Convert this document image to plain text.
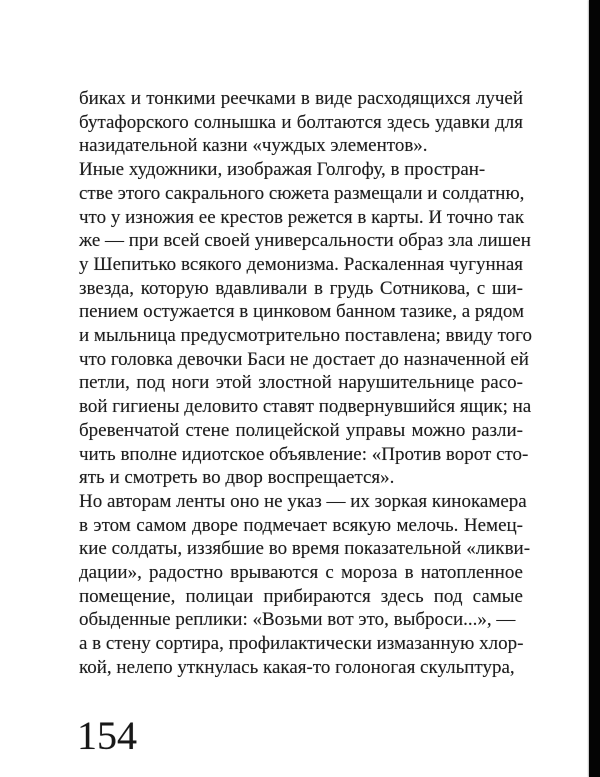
биках и тонкими реечками в виде расходящихся лучей
бутафорского солнышка и болтаются здесь удавки для
назидательной казни «чуждых элементов».
Иные художники, изображая Голгофу, в простран-
стве этого сакрального сюжета размещали и солдатню,
что у изножия ее крестов режется в карты. И точно так
же — при всей своей универсальности образ зла лишен
у Шепитько всякого демонизма. Раскаленная чугунная
звезда, которую вдавливали в грудь Сотникова, с ши-
пением остужается в цинковом банном тазике, а рядом
и мыльница предусмотрительно поставлена; ввиду того
что головка девочки Баси не достает до назначенной ей
петли, под ноги этой злостной нарушительнице расо-
вой гигиены деловито ставят подвернувшийся ящик; на
бревенчатой стене полицейской управы можно разли-
чить вполне идиотское объявление: «Против ворот сто-
ять и смотреть во двор воспрещается».
Но авторам ленты оно не указ — их зоркая кинокамера
в этом самом дворе подмечает всякую мелочь. Немец-
кие солдаты, иззябшие во время показательной «ликви-
дации», радостно врываются с мороза в натопленное
помещение, полицаи прибираются здесь под самые
обыденные реплики: «Возьми вот это, выброси...», —
а в стену сортира, профилактически измазанную хлор-
кой, нелепо уткнулась какая-то голоногая скульптура,
154
